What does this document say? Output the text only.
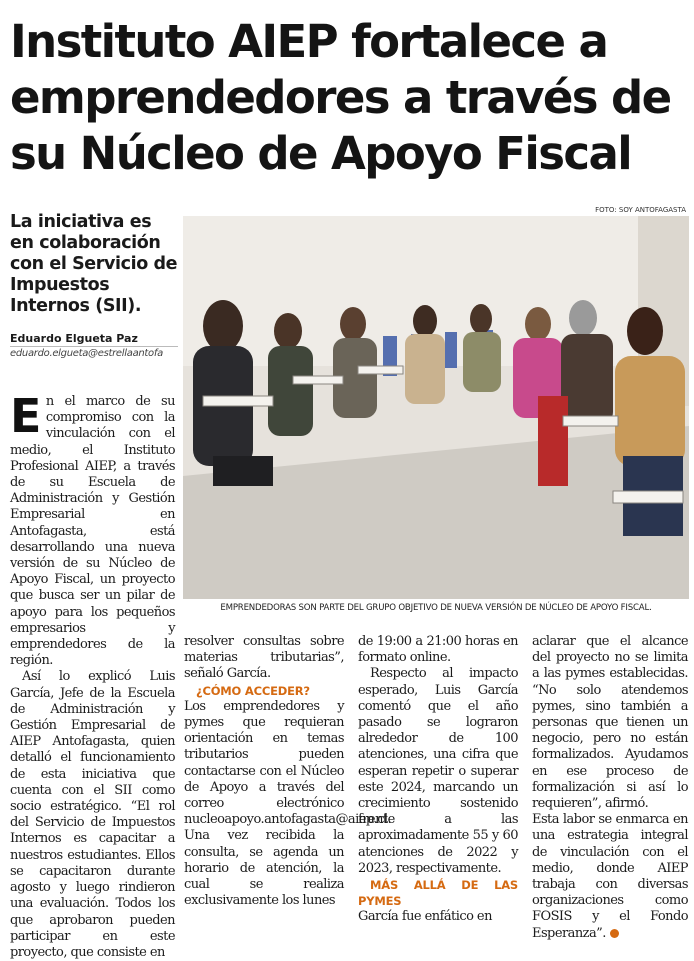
Instituto AIEP fortalece a emprendedores a través de su Núcleo de Apoyo Fiscal
La iniciativa es en colaboración con el Servicio de Impuestos Internos (SII).
Eduardo Elgueta Paz
eduardo.elgueta@estrellaantofa
FOTO: SOY ANTOFAGASTA
EMPRENDEDORAS SON PARTE DEL GRUPO OBJETIVO DE NUEVA VERSIÓN DE NÚCLEO DE APOYO FISCAL.

En el marco de su compromiso con la vinculación con el medio, el Instituto Profesional AIEP, a través de su Escuela de Administración y Gestión Empresarial en Antofagasta, está desarrollando una nueva versión de su Núcleo de Apoyo Fiscal, un proyecto que busca ser un pilar de apoyo para los pequeños empresarios y emprendedores de la región.

Así lo explicó Luis García, Jefe de la Escuela de Administración y Gestión Empresarial de AIEP Antofagasta, quien detalló el funcionamiento de esta iniciativa que cuenta con el SII como socio estratégico. “El rol del Servicio de Impuestos Internos es capacitar a nuestros estudiantes. Ellos se capacitaron durante agosto y luego rindieron una evaluación. Todos los que aprobaron pueden participar en este proyecto, que consiste en

resolver consultas sobre materias tributarias”, señaló García.

¿CÓMO ACCEDER?

Los emprendedores y pymes que requieran orientación en temas tributarios pueden contactarse con el Núcleo de Apoyo a través del correo electrónico nucleoapoyo.antofagasta@aiep.cl. Una vez recibida la consulta, se agenda un horario de atención, la cual se realiza exclusivamente los lunes

de 19:00 a 21:00 horas en formato online.

Respecto al impacto esperado, Luis García comentó que el año pasado se lograron alrededor de 100 atenciones, una cifra que esperan repetir o superar este 2024, marcando un crecimiento sostenido frente a las aproximadamente 55 y 60 atenciones de 2022 y 2023, respectivamente.

MÁS ALLÁ DE LAS PYMES

García fue enfático en

aclarar que el alcance del proyecto no se limita a las pymes establecidas. “No solo atendemos pymes, sino también a personas que tienen un negocio, pero no están formalizados. Ayudamos en ese proceso de formalización si así lo requieren”, afirmó.

Esta labor se enmarca en una estrategia integral de vinculación con el medio, donde AIEP trabaja con diversas organizaciones como FOSIS y el Fondo Esperanza”.
